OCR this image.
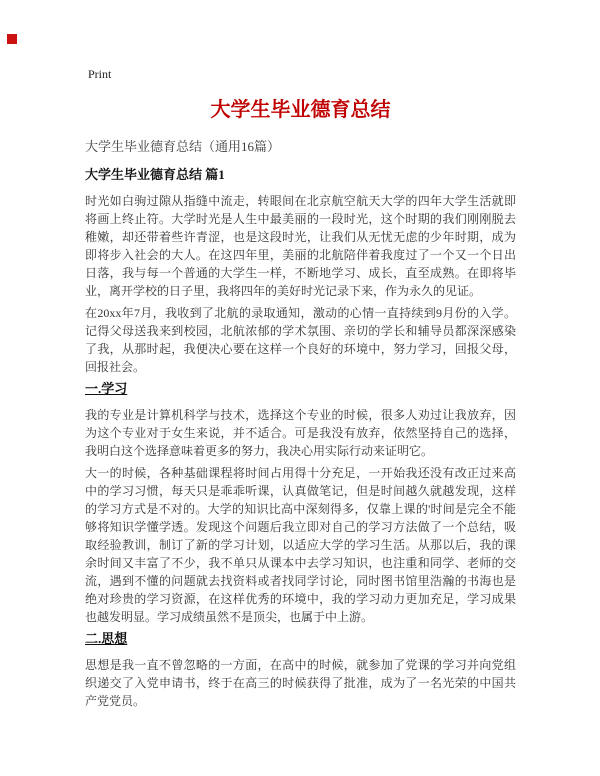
Print
大学生毕业德育总结
大学生毕业德育总结（通用16篇）
大学生毕业德育总结 篇1

时光如白驹过隙从指缝中流走，转眼间在北京航空航天大学的四年大学生活就即将画上终止符。大学时光是人生中最美丽的一段时光，这个时期的我们刚刚脱去稚嫩，却还带着些许青涩，也是这段时光，让我们从无忧无虑的少年时期，成为即将步入社会的大人。在这四年里，美丽的北航陪伴着我度过了一个又一个日出日落，我与每一个普通的大学生一样，不断地学习、成长，直至成熟。在即将毕业，离开学校的日子里，我将四年的美好时光记录下来，作为永久的见证。

在20xx年7月，我收到了北航的录取通知，激动的心情一直持续到9月份的入学。记得父母送我来到校园，北航浓郁的学术氛围、亲切的学长和辅导员都深深感染了我，从那时起，我便决心要在这样一个良好的环境中，努力学习，回报父母，回报社会。

一.学习

我的专业是计算机科学与技术，选择这个专业的时候，很多人劝过让我放弃，因为这个专业对于女生来说，并不适合。可是我没有放弃，依然坚持自己的选择，我明白这个选择意味着更多的努力，我决心用实际行动来证明它。

大一的时候，各种基础课程将时间占用得十分充足，一开始我还没有改正过来高中的学习习惯，每天只是乖乖听课，认真做笔记，但是时间越久就越发现，这样的学习方式是不对的。大学的知识比高中深刻得多，仅靠上课的'时间是完全不能够将知识学懂学透。发现这个问题后我立即对自己的学习方法做了一个总结，吸取经验教训，制订了新的学习计划，以适应大学的学习生活。从那以后，我的课余时间又丰富了不少，我不单只从课本中去学习知识，也注重和同学、老师的交流，遇到不懂的问题就去找资料或者找同学讨论，同时图书馆里浩瀚的书海也是绝对珍贵的学习资源，在这样优秀的环境中，我的学习动力更加充足，学习成果也越发明显。学习成绩虽然不是顶尖，也属于中上游。

二.思想

思想是我一直不曾忽略的一方面，在高中的时候，就参加了党课的学习并向党组织递交了入党申请书，终于在高三的时候获得了批准，成为了一名光荣的中国共产党党员。
